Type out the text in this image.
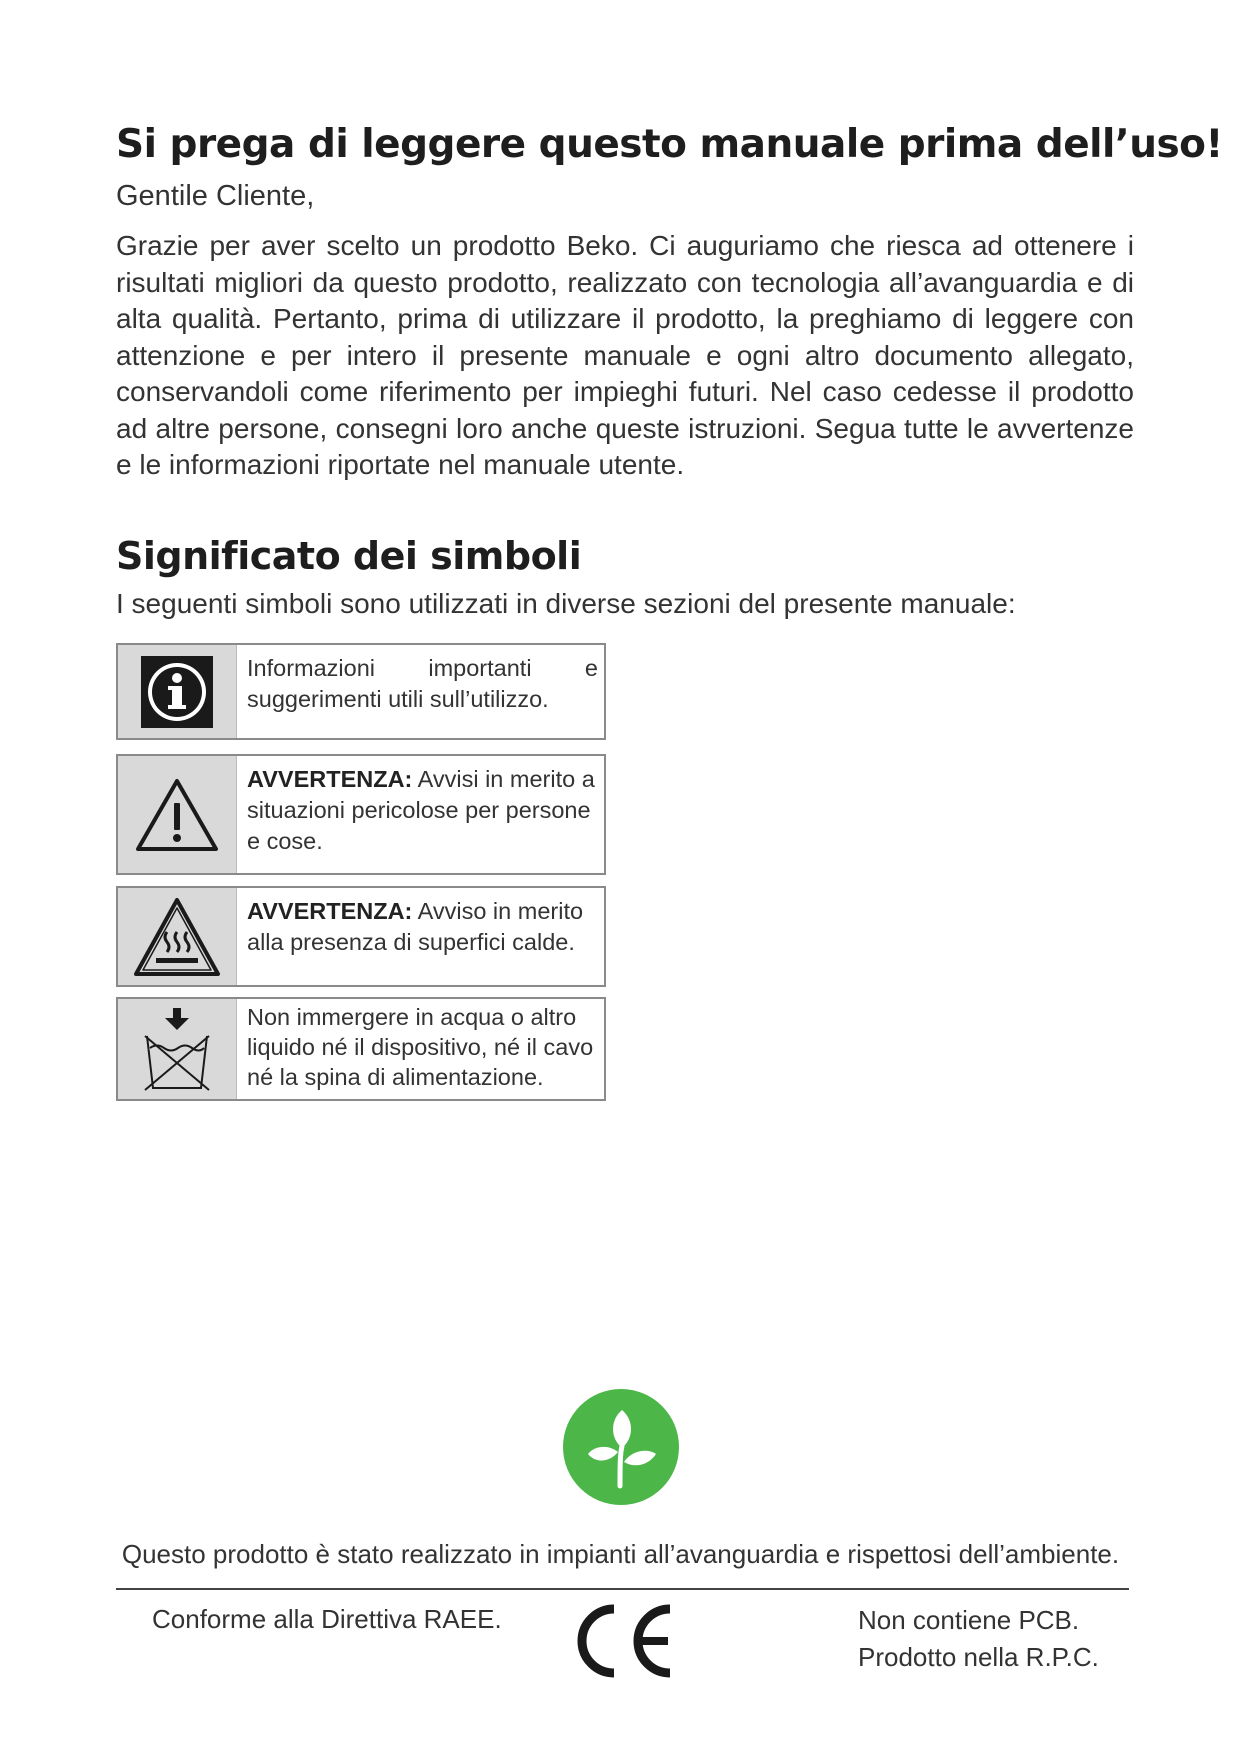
Si prega di leggere questo manuale prima dell’uso!
Gentile Cliente,

Grazie per aver scelto un prodotto Beko. Ci auguriamo che riesca ad ottenere i risultati migliori da questo prodotto, realizzato con tecnologia all’avanguardia e di alta qualità. Pertanto, prima di utilizzare il prodotto, la preghiamo di leggere con attenzione e per intero il presente manuale e ogni altro documento allegato, conservandoli come riferimento per impieghi futuri. Nel caso cedesse il prodotto ad altre persone, consegni loro anche queste istruzioni. Segua tutte le avvertenze e le informazioni riportate nel manuale utente.

Significato dei simboli
I seguenti simboli sono utilizzati in diverse sezioni del presente manuale:
Informazioni importanti e suggerimenti utili sull’utilizzo.
AVVERTENZA: Avvisi in merito a situazioni pericolose per persone e cose.
AVVERTENZA: Avviso in merito alla presenza di superfici calde.
Non immergere in acqua o altro liquido né il dispositivo, né il cavo né la spina di alimentazione.
Questo prodotto è stato realizzato in impianti all’avanguardia e rispettosi dell’ambiente.
Conforme alla Direttiva RAEE.	Non contiene PCB.
Prodotto nella R.P.C.
